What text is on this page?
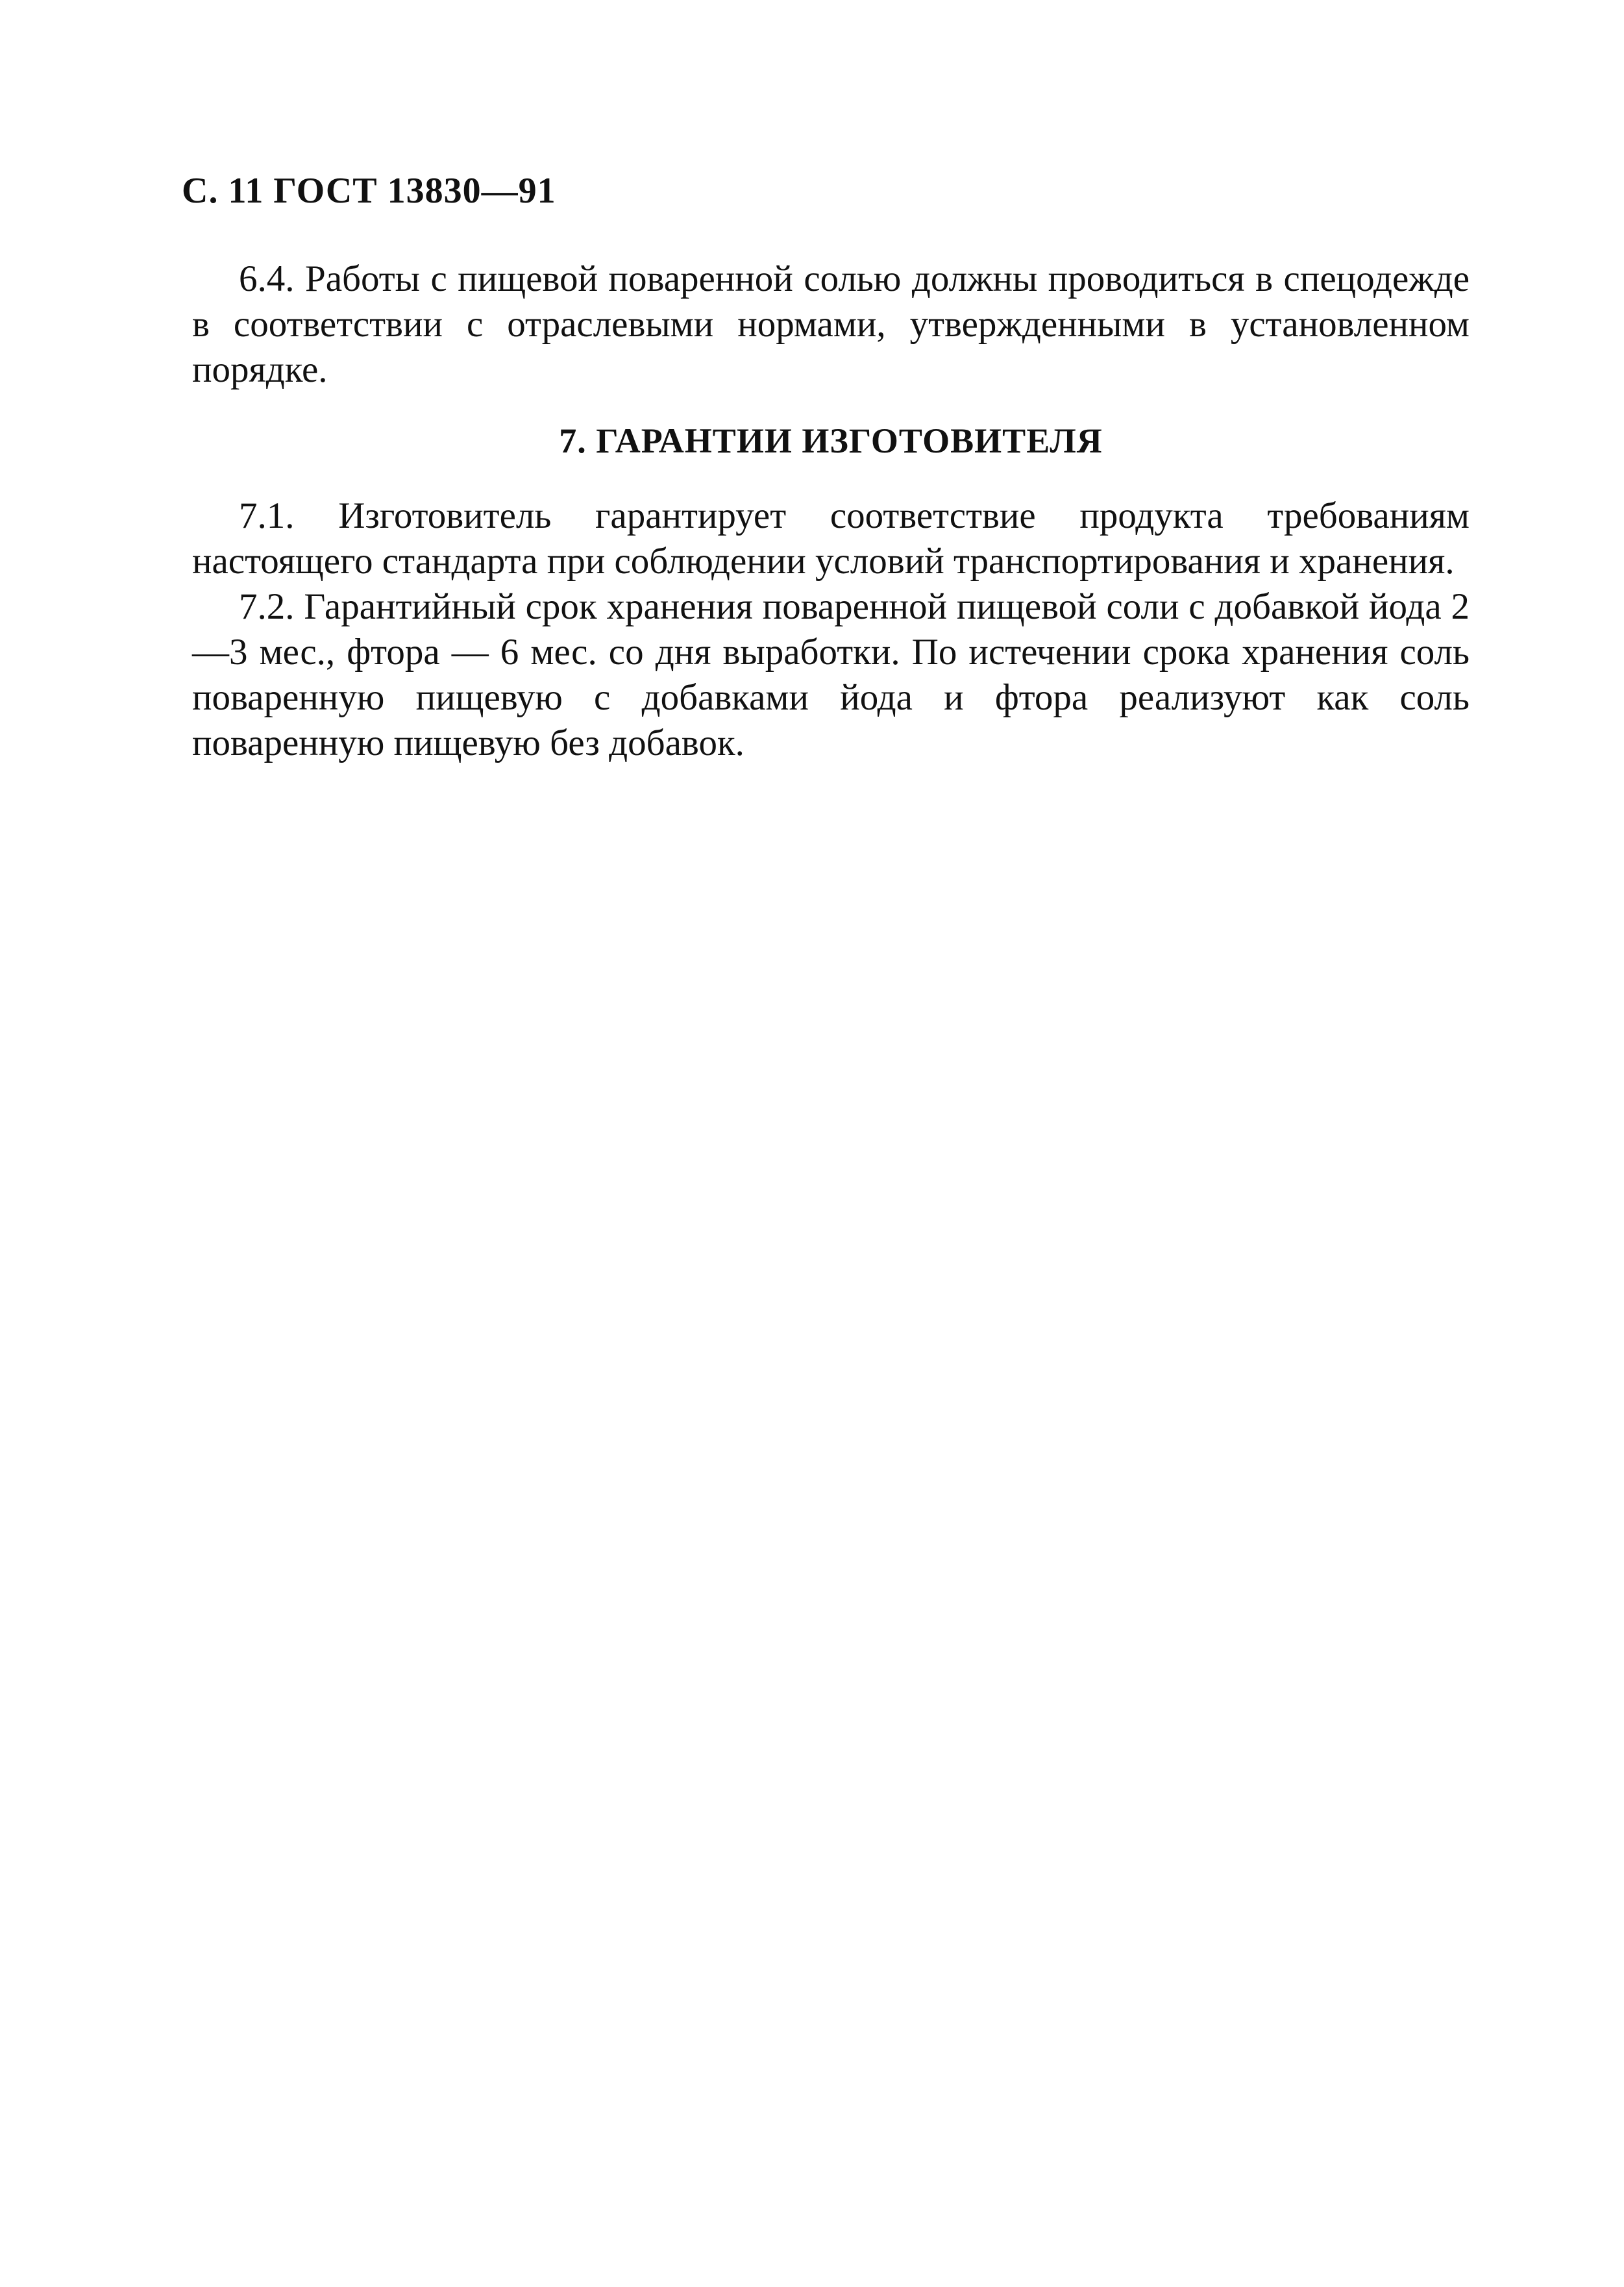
С. 11 ГОСТ 13830—91

6.4. Работы с пищевой поваренной солью должны проводиться в спецодежде в соответствии с отраслевыми нормами, утвержденными в установленном порядке.

7. ГАРАНТИИ ИЗГОТОВИТЕЛЯ

7.1. Изготовитель гарантирует соответствие продукта требованиям настоящего стандарта при соблюдении условий транспортирования и хранения.

7.2. Гарантийный срок хранения поваренной пищевой соли с добавкой йода 2—3 мес., фтора — 6 мес. со дня выработки. По истечении срока хранения соль поваренную пищевую с добавками йода и фтора реализуют как соль поваренную пищевую без добавок.
